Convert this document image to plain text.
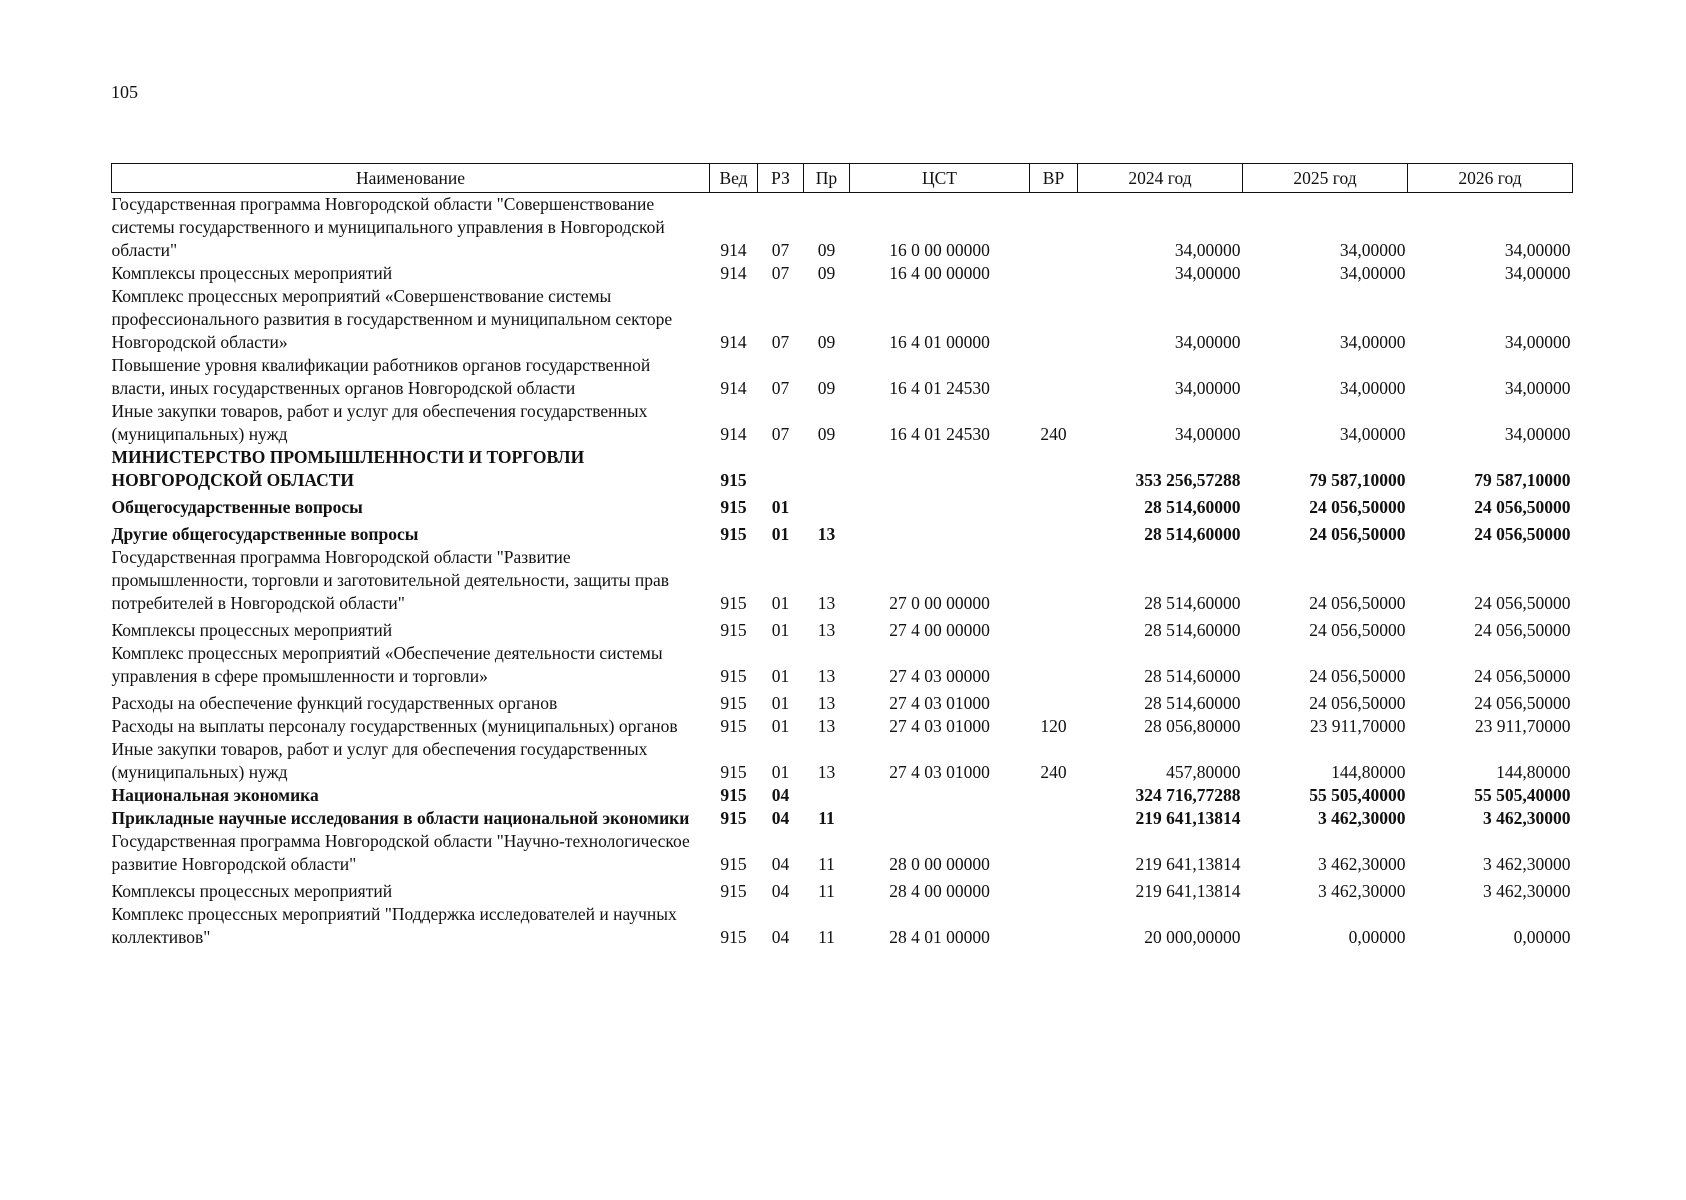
105
Наименование	Вед	РЗ	Пр	ЦСТ	ВР	2024 год	2025 год	2026 год
Государственная программа Новгородской области "Совершенствование системы государственного и муниципального управления в Новгородской области"	914	07	09	16 0 00 00000		34,00000	34,00000	34,00000
Комплексы процессных мероприятий	914	07	09	16 4 00 00000		34,00000	34,00000	34,00000
Комплекс процессных мероприятий «Совершенствование системы профессионального развития в государственном и муниципальном секторе Новгородской области»	914	07	09	16 4 01 00000		34,00000	34,00000	34,00000
Повышение уровня квалификации работников органов государственной власти, иных государственных органов Новгородской области	914	07	09	16 4 01 24530		34,00000	34,00000	34,00000
Иные закупки товаров, работ и услуг для обеспечения государственных (муниципальных) нужд	914	07	09	16 4 01 24530	240	34,00000	34,00000	34,00000
МИНИСТЕРСТВО ПРОМЫШЛЕННОСТИ И ТОРГОВЛИ НОВГОРОДСКОЙ ОБЛАСТИ	915					353 256,57288	79 587,10000	79 587,10000
Общегосударственные вопросы	915	01				28 514,60000	24 056,50000	24 056,50000
Другие общегосударственные вопросы	915	01	13			28 514,60000	24 056,50000	24 056,50000
Государственная программа Новгородской области "Развитие промышленности, торговли и заготовительной деятельности, защиты прав потребителей в Новгородской области"	915	01	13	27 0 00 00000		28 514,60000	24 056,50000	24 056,50000
Комплексы процессных мероприятий	915	01	13	27 4 00 00000		28 514,60000	24 056,50000	24 056,50000
Комплекс процессных мероприятий «Обеспечение деятельности системы управления в сфере промышленности и торговли»	915	01	13	27 4 03 00000		28 514,60000	24 056,50000	24 056,50000
Расходы на обеспечение функций государственных органов	915	01	13	27 4 03 01000		28 514,60000	24 056,50000	24 056,50000
Расходы на выплаты персоналу государственных (муниципальных) органов	915	01	13	27 4 03 01000	120	28 056,80000	23 911,70000	23 911,70000
Иные закупки товаров, работ и услуг для обеспечения государственных (муниципальных) нужд	915	01	13	27 4 03 01000	240	457,80000	144,80000	144,80000
Национальная экономика	915	04				324 716,77288	55 505,40000	55 505,40000
Прикладные научные исследования в области национальной экономики	915	04	11			219 641,13814	3 462,30000	3 462,30000
Государственная программа Новгородской области "Научно-технологическое развитие Новгородской области"	915	04	11	28 0 00 00000		219 641,13814	3 462,30000	3 462,30000
Комплексы процессных мероприятий	915	04	11	28 4 00 00000		219 641,13814	3 462,30000	3 462,30000
Комплекс процессных мероприятий "Поддержка исследователей и научных коллективов"	915	04	11	28 4 01 00000		20 000,00000	0,00000	0,00000
